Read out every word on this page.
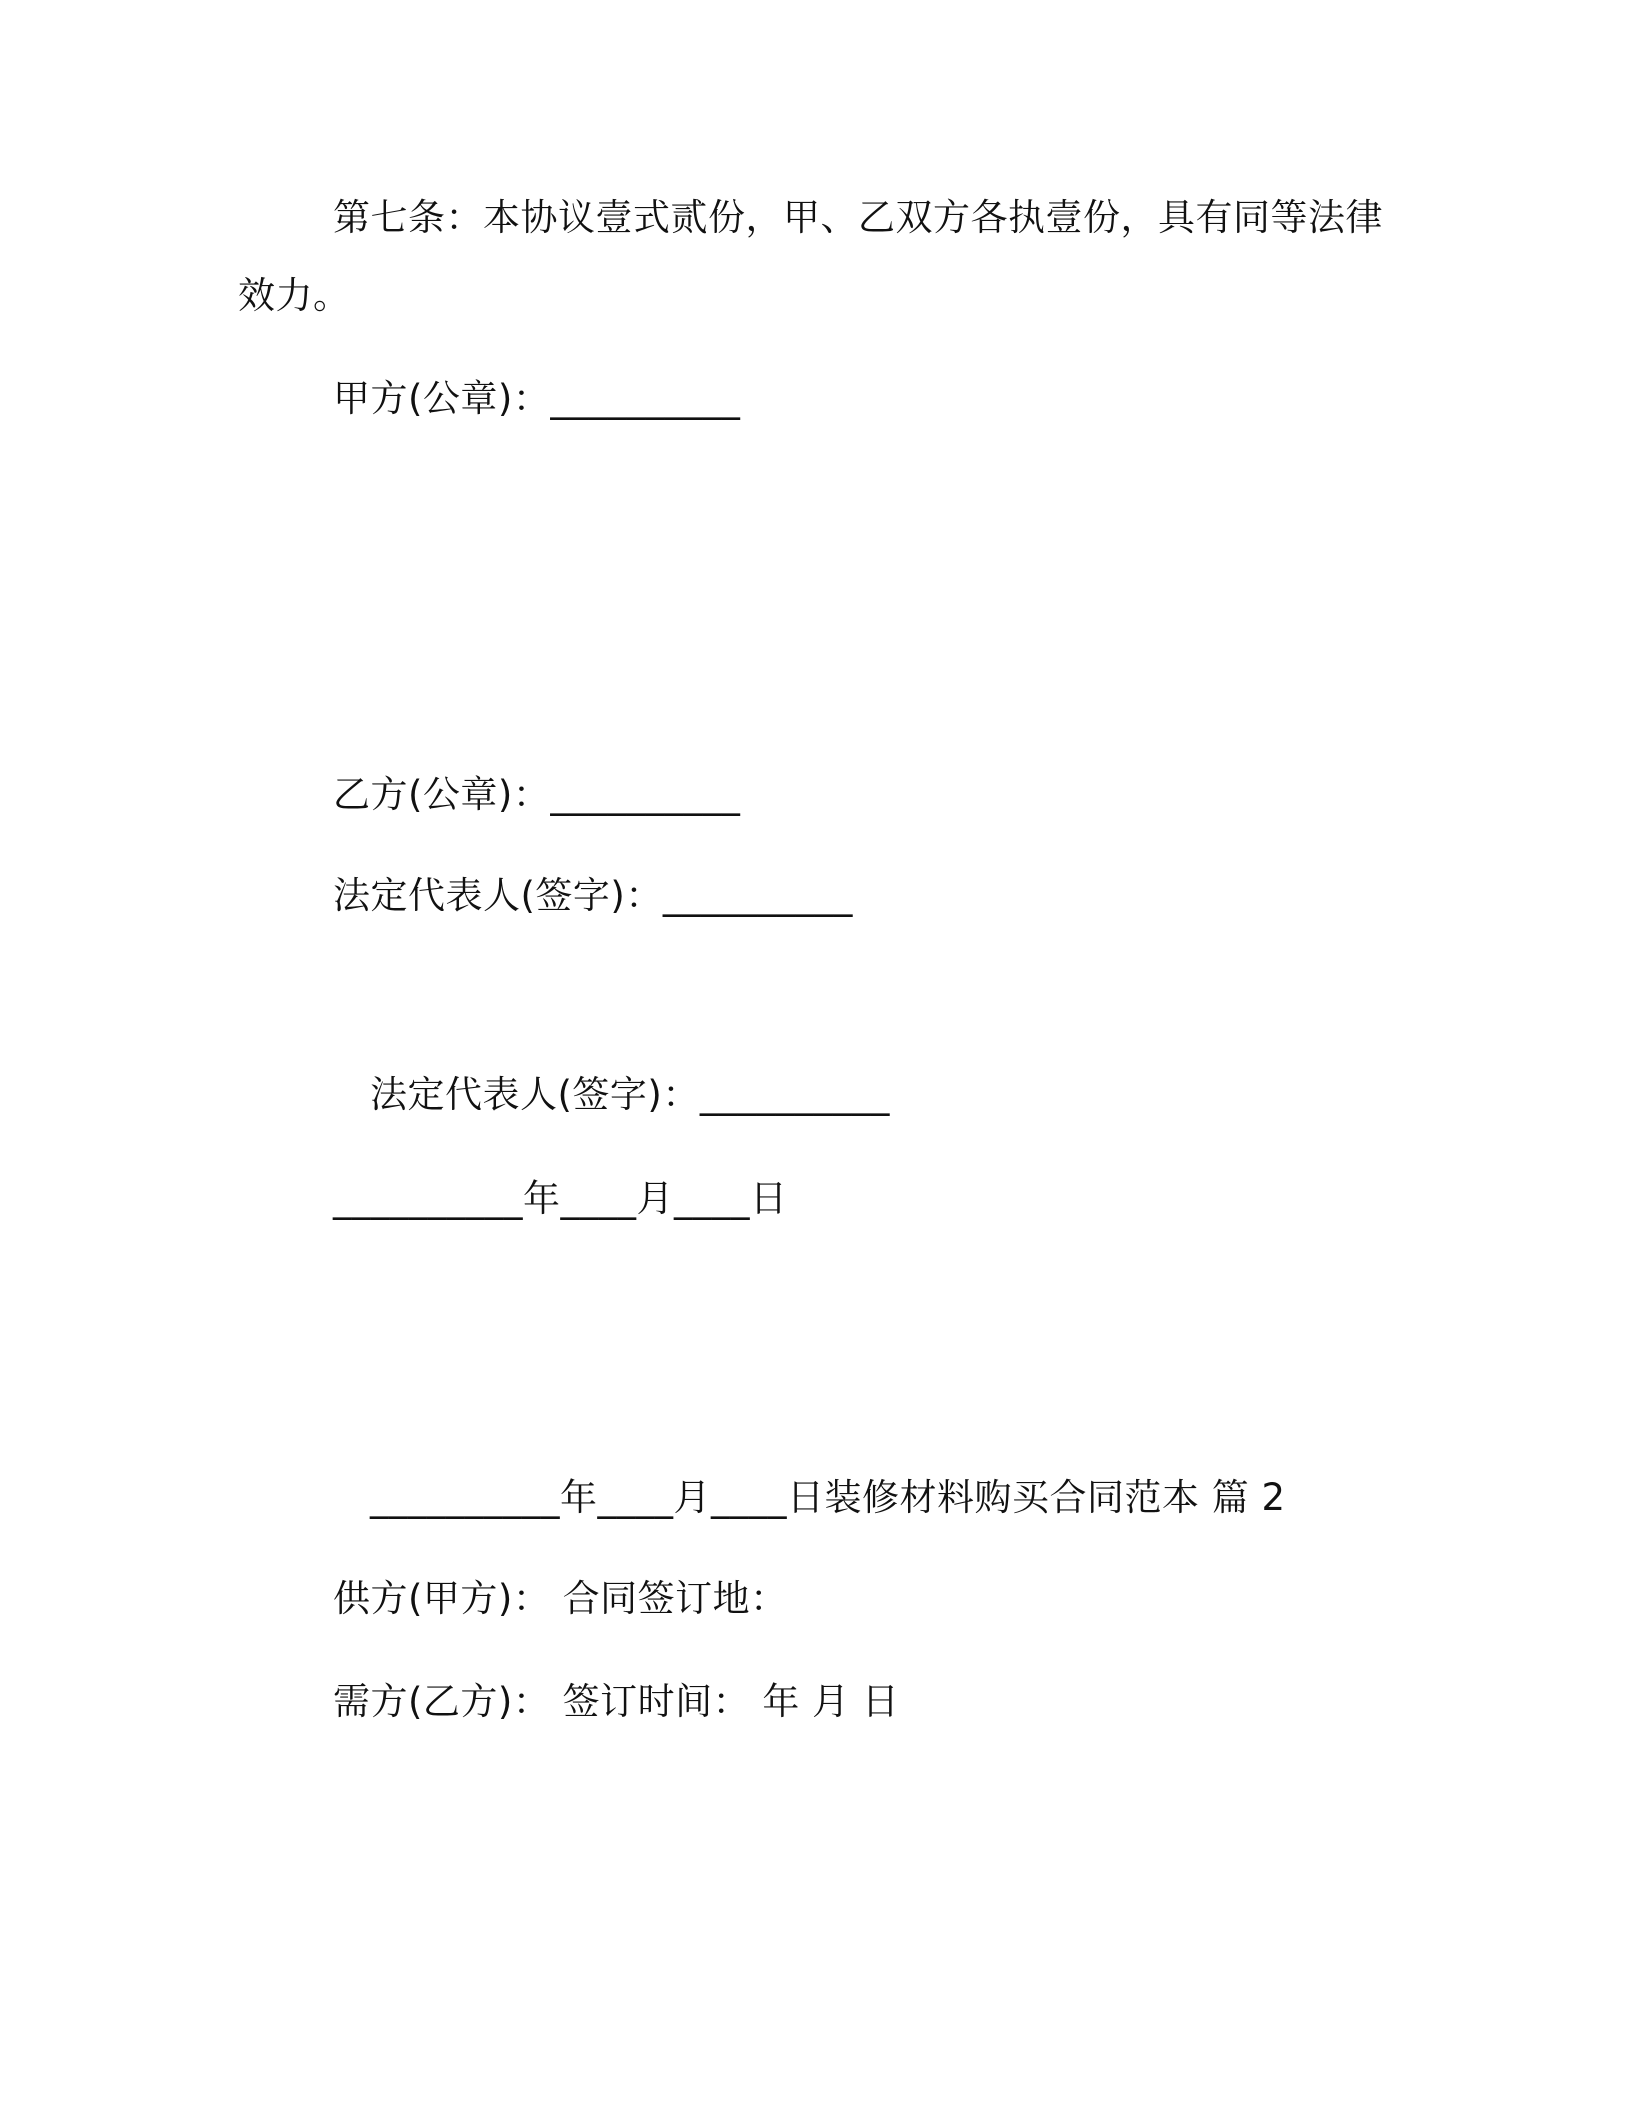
第七条：本协议壹式贰份，甲、乙双方各执壹份，具有同等法律
效力。
甲方(公章)：__________
乙方(公章)：__________
法定代表人(签字)：__________
法定代表人(签字)：__________
__________年____月____日
__________年____月____日装修材料购买合同范本 篇 2
供方(甲方)： 合同签订地：
需方(乙方)： 签订时间： 年 月 日
